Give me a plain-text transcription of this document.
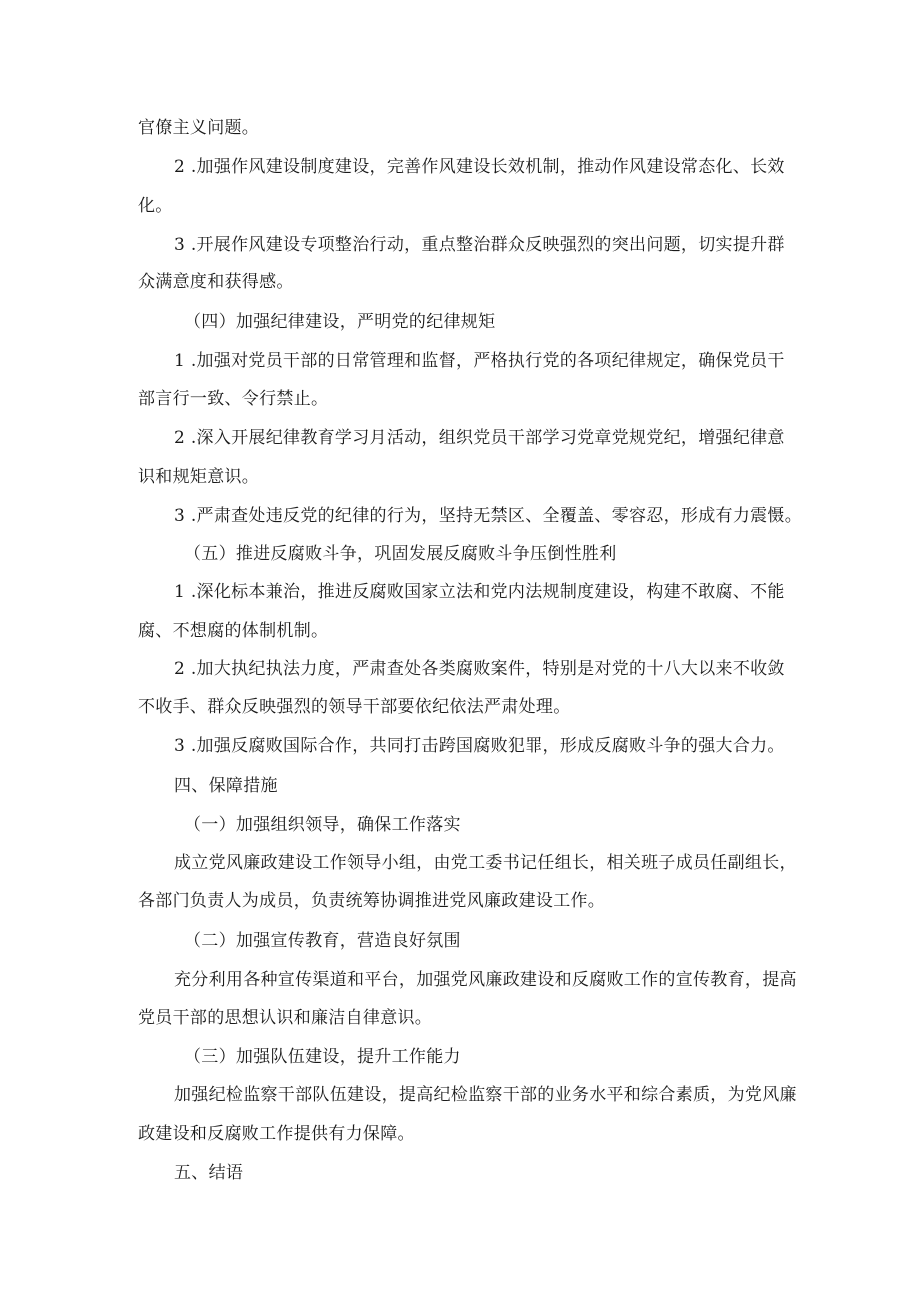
官僚主义问题。

2 .加强作风建设制度建设，完善作风建设长效机制，推动作风建设常态化、长效

化。

3 .开展作风建设专项整治行动，重点整治群众反映强烈的突出问题，切实提升群

众满意度和获得感。

（四）加强纪律建设，严明党的纪律规矩

1 .加强对党员干部的日常管理和监督，严格执行党的各项纪律规定，确保党员干

部言行一致、令行禁止。

2 .深入开展纪律教育学习月活动，组织党员干部学习党章党规党纪，增强纪律意

识和规矩意识。

3 .严肃查处违反党的纪律的行为，坚持无禁区、全覆盖、零容忍，形成有力震慑。

（五）推进反腐败斗争，巩固发展反腐败斗争压倒性胜利

1 .深化标本兼治，推进反腐败国家立法和党内法规制度建设，构建不敢腐、不能

腐、不想腐的体制机制。

2 .加大执纪执法力度，严肃查处各类腐败案件，特别是对党的十八大以来不收敛

不收手、群众反映强烈的领导干部要依纪依法严肃处理。

3 .加强反腐败国际合作，共同打击跨国腐败犯罪，形成反腐败斗争的强大合力。

四、保障措施

（一）加强组织领导，确保工作落实

成立党风廉政建设工作领导小组，由党工委书记任组长，相关班子成员任副组长，

各部门负责人为成员，负责统筹协调推进党风廉政建设工作。

（二）加强宣传教育，营造良好氛围

充分利用各种宣传渠道和平台，加强党风廉政建设和反腐败工作的宣传教育，提高

党员干部的思想认识和廉洁自律意识。

（三）加强队伍建设，提升工作能力

加强纪检监察干部队伍建设，提高纪检监察干部的业务水平和综合素质，为党风廉

政建设和反腐败工作提供有力保障。

五、结语
